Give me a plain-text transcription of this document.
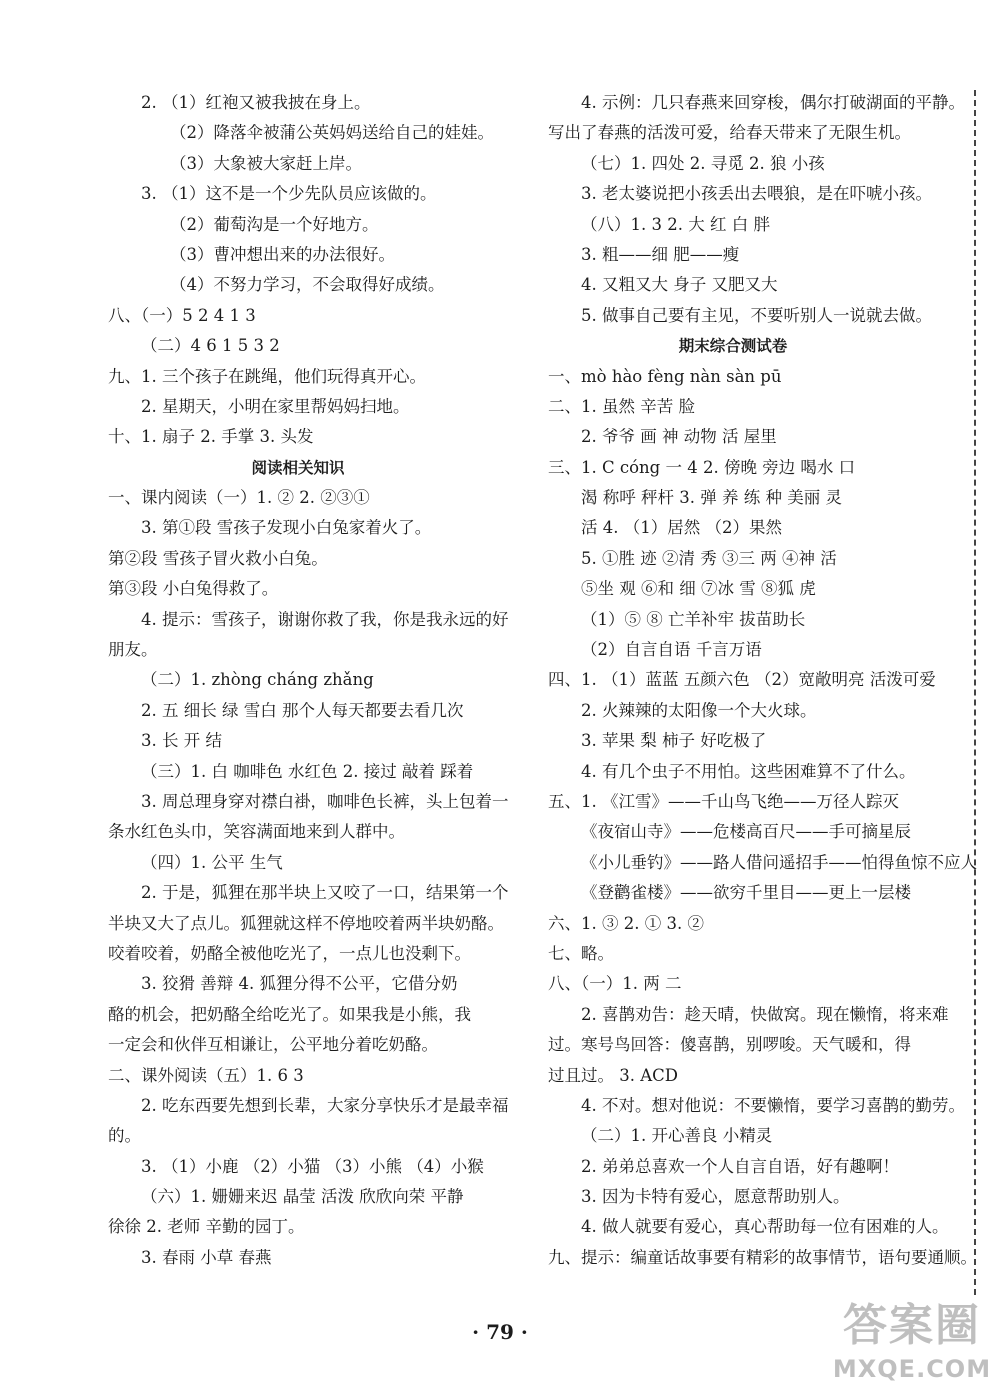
2. （1）红袍又被我披在身上。
（2）降落伞被蒲公英妈妈送给自己的娃娃。
（3）大象被大家赶上岸。
3. （1）这不是一个少先队员应该做的。
（2）葡萄沟是一个好地方。
（3）曹冲想出来的办法很好。
（4）不努力学习，不会取得好成绩。
八、（一）5 2 4 1 3
（二）4 6 1 5 3 2
九、1. 三个孩子在跳绳，他们玩得真开心。
2. 星期天，小明在家里帮妈妈扫地。
十、1. 扇子 2. 手掌 3. 头发
阅读相关知识
一、课内阅读（一）1. ② 2. ②③①
3. 第①段 雪孩子发现小白兔家着火了。
第②段 雪孩子冒火救小白兔。
第③段 小白兔得救了。
4. 提示：雪孩子，谢谢你救了我，你是我永远的好
朋友。
（二）1. zhòng cháng zhǎng
2. 五 细长 绿 雪白 那个人每天都要去看几次
3. 长 开 结
（三）1. 白 咖啡色 水红色 2. 接过 敲着 踩着
3. 周总理身穿对襟白褂，咖啡色长裤，头上包着一
条水红色头巾，笑容满面地来到人群中。
（四）1. 公平 生气
2. 于是，狐狸在那半块上又咬了一口，结果第一个
半块又大了点儿。狐狸就这样不停地咬着两半块奶酪。
咬着咬着，奶酪全被他吃光了，一点儿也没剩下。
3. 狡猾 善辩 4. 狐狸分得不公平，它借分奶
酪的机会，把奶酪全给吃光了。如果我是小熊，我
一定会和伙伴互相谦让，公平地分着吃奶酪。
二、课外阅读（五）1. 6 3
2. 吃东西要先想到长辈，大家分享快乐才是最幸福
的。
3. （1）小鹿 （2）小猫 （3）小熊 （4）小猴
（六）1. 姗姗来迟 晶莹 活泼 欣欣向荣 平静
徐徐 2. 老师 辛勤的园丁。
3. 春雨 小草 春燕
4. 示例：几只春燕来回穿梭，偶尔打破湖面的平静。
写出了春燕的活泼可爱，给春天带来了无限生机。
（七）1. 四处 2. 寻觅 2. 狼 小孩
3. 老太婆说把小孩丢出去喂狼，是在吓唬小孩。
（八）1. 3 2. 大 红 白 胖
3. 粗——细 肥——瘦
4. 又粗又大 身子 又肥又大
5. 做事自己要有主见，不要听别人一说就去做。
期末综合测试卷
一、mò hào fèng nàn sàn pū
二、1. 虽然 辛苦 脸
2. 爷爷 画 神 动物 活 屋里
三、1. C cóng 一 4 2. 傍晚 旁边 喝水 口
渴 称呼 秤杆 3. 弹 养 练 种 美丽 灵
活 4. （1）居然 （2）果然
5. ①胜 迹 ②清 秀 ③三 两 ④神 活
⑤坐 观 ⑥和 细 ⑦冰 雪 ⑧狐 虎
（1）⑤ ⑧ 亡羊补牢 拔苗助长
（2）自言自语 千言万语
四、1. （1）蓝蓝 五颜六色 （2）宽敞明亮 活泼可爱
2. 火辣辣的太阳像一个大火球。
3. 苹果 梨 柿子 好吃极了
4. 有几个虫子不用怕。这些困难算不了什么。
五、1. 《江雪》——千山鸟飞绝——万径人踪灭
《夜宿山寺》——危楼高百尺——手可摘星辰
《小儿垂钓》——路人借问遥招手——怕得鱼惊不应人
《登鹳雀楼》——欲穷千里目——更上一层楼
六、1. ③ 2. ① 3. ②
七、略。
八、（一）1. 两 二
2. 喜鹊劝告：趁天晴，快做窝。现在懒惰，将来难
过。寒号鸟回答：傻喜鹊，别啰唆。天气暖和，得
过且过。 3. ACD
4. 不对。想对他说：不要懒惰，要学习喜鹊的勤劳。
（二）1. 开心善良 小精灵
2. 弟弟总喜欢一个人自言自语，好有趣啊！
3. 因为卡特有爱心，愿意帮助别人。
4. 做人就要有爱心，真心帮助每一位有困难的人。
九、提示：编童话故事要有精彩的故事情节，语句要通顺。
· 79 ·	答案圈
MXQE.COM
